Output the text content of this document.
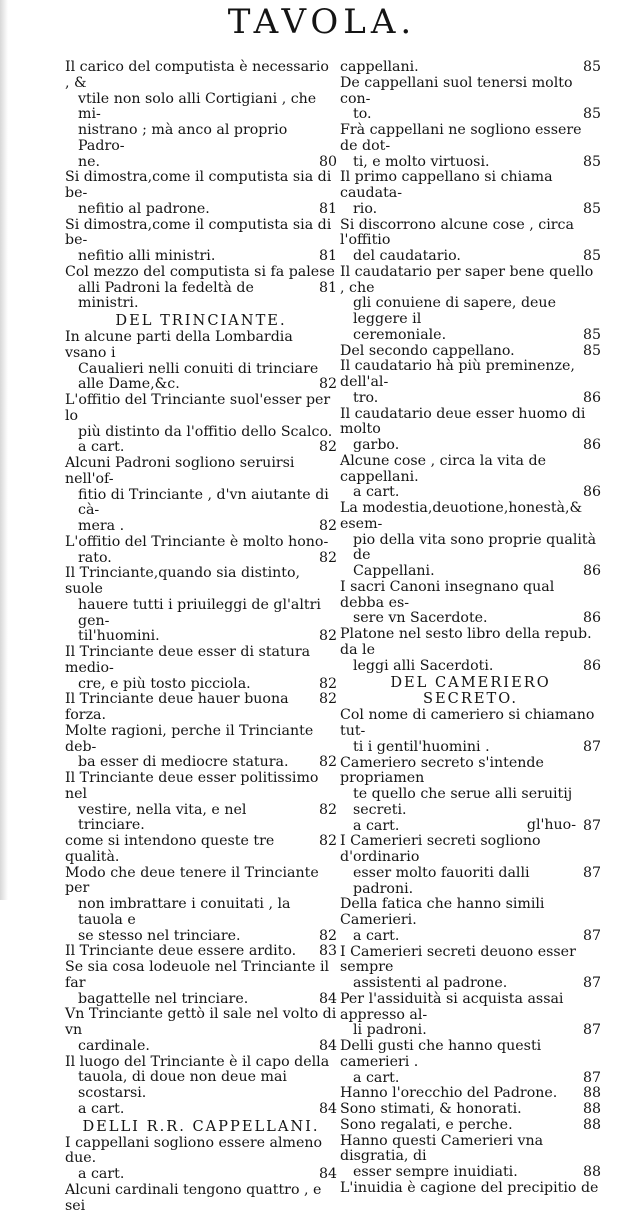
TAVOLA.
Il carico del computista è necessario , &
vtile non solo alli Cortigiani , che mi-
nistrano ; mà anco al proprio Padro-
80
ne.
Si dimostra,come il computista sia di be-
81
nefitio al padrone.
Si dimostra,come il computista sia di be-
81
nefitio alli ministri.
Col mezzo del computista si fa palese
81
alli Padroni la fedeltà de ministri.
DEL TRINCIANTE.
In alcune parti della Lombardia vsano i
Caualieri nelli conuiti di trinciare
82
alle Dame,&c.
L'offitio del Trinciante suol'esser per lo
più distinto da l'offitio dello Scalco.
82
a cart.
Alcuni Padroni sogliono seruirsi nell'of-
fitio di Trinciante , d'vn aiutante di cà-
82
mera .
L'offitio del Trinciante è molto hono-
82
rato.
Il Trinciante,quando sia distinto, suole
hauere tutti i priuileggi de gl'altri gen-
82
til'huomini.
Il Trinciante deue esser di statura medio-
82
cre, e più tosto picciola.
82
Il Trinciante deue hauer buona forza.
Molte ragioni, perche il Trinciante deb-
82
ba esser di mediocre statura.
Il Trinciante deue esser politissimo nel
82
vestire, nella vita, e nel trinciare.
82
come si intendono queste tre qualità.
Modo che deue tenere il Trinciante per
non imbrattare i conuitati , la tauola e
82
se stesso nel trinciare.
83
Il Trinciante deue essere ardito.
Se sia cosa lodeuole nel Trinciante il far
84
bagattelle nel trinciare.
Vn Trinciante gettò il sale nel volto di vn
84
cardinale.
Il luogo del Trinciante è il capo della
tauola, di doue non deue mai scostarsi.
84
a cart.
DELLI R.R. CAPPELLANI.
I cappellani sogliono essere almeno due.
84
a cart.
Alcuni cardinali tengono quattro , e sei
85
cappellani.
De cappellani suol tenersi molto con-
85
to.
Frà cappellani ne sogliono essere de dot-
85
ti, e molto virtuosi.
Il primo cappellano si chiama caudata-
85
rio.
Si discorrono alcune cose , circa l'offitio
85
del caudatario.
Il caudatario per saper bene quello , che
gli conuiene di sapere, deue leggere il
85
ceremoniale.
85
Del secondo cappellano.
Il caudatario hà più preminenze, dell'al-
86
tro.
Il caudatario deue esser huomo di molto
86
garbo.
Alcune cose , circa la vita de cappellani.
86
a cart.
La modestia,deuotione,honestà,& esem-
pio della vita sono proprie qualità de
86
Cappellani.
I sacri Canoni insegnano qual debba es-
86
sere vn Sacerdote.
Platone nel sesto libro della repub. da le
86
leggi alli Sacerdoti.
DEL CAMERIERO SECRETO.
Col nome di cameriero si chiamano tut-
87
ti i gentil'huomini .
Cameriero secreto s'intende propriamen
te quello che serue alli seruitij secreti.
87
a cart.
I Camerieri secreti sogliono d'ordinario
87
esser molto fauoriti dalli padroni.
Della fatica che hanno simili Camerieri.
87
a cart.
I Camerieri secreti deuono esser sempre
87
assistenti al padrone.
Per l'assiduità si acquista assai appresso al-
87
li padroni.
Delli gusti che hanno questi camerieri .
87
a cart.
88
Hanno l'orecchio del Padrone.
88
Sono stimati, & honorati.
88
Sono regalati, e perche.
Hanno questi Camerieri vna disgratia, di
88
esser sempre inuidiati.
L'inuidia è cagione del precipitio de
gl'huo-
